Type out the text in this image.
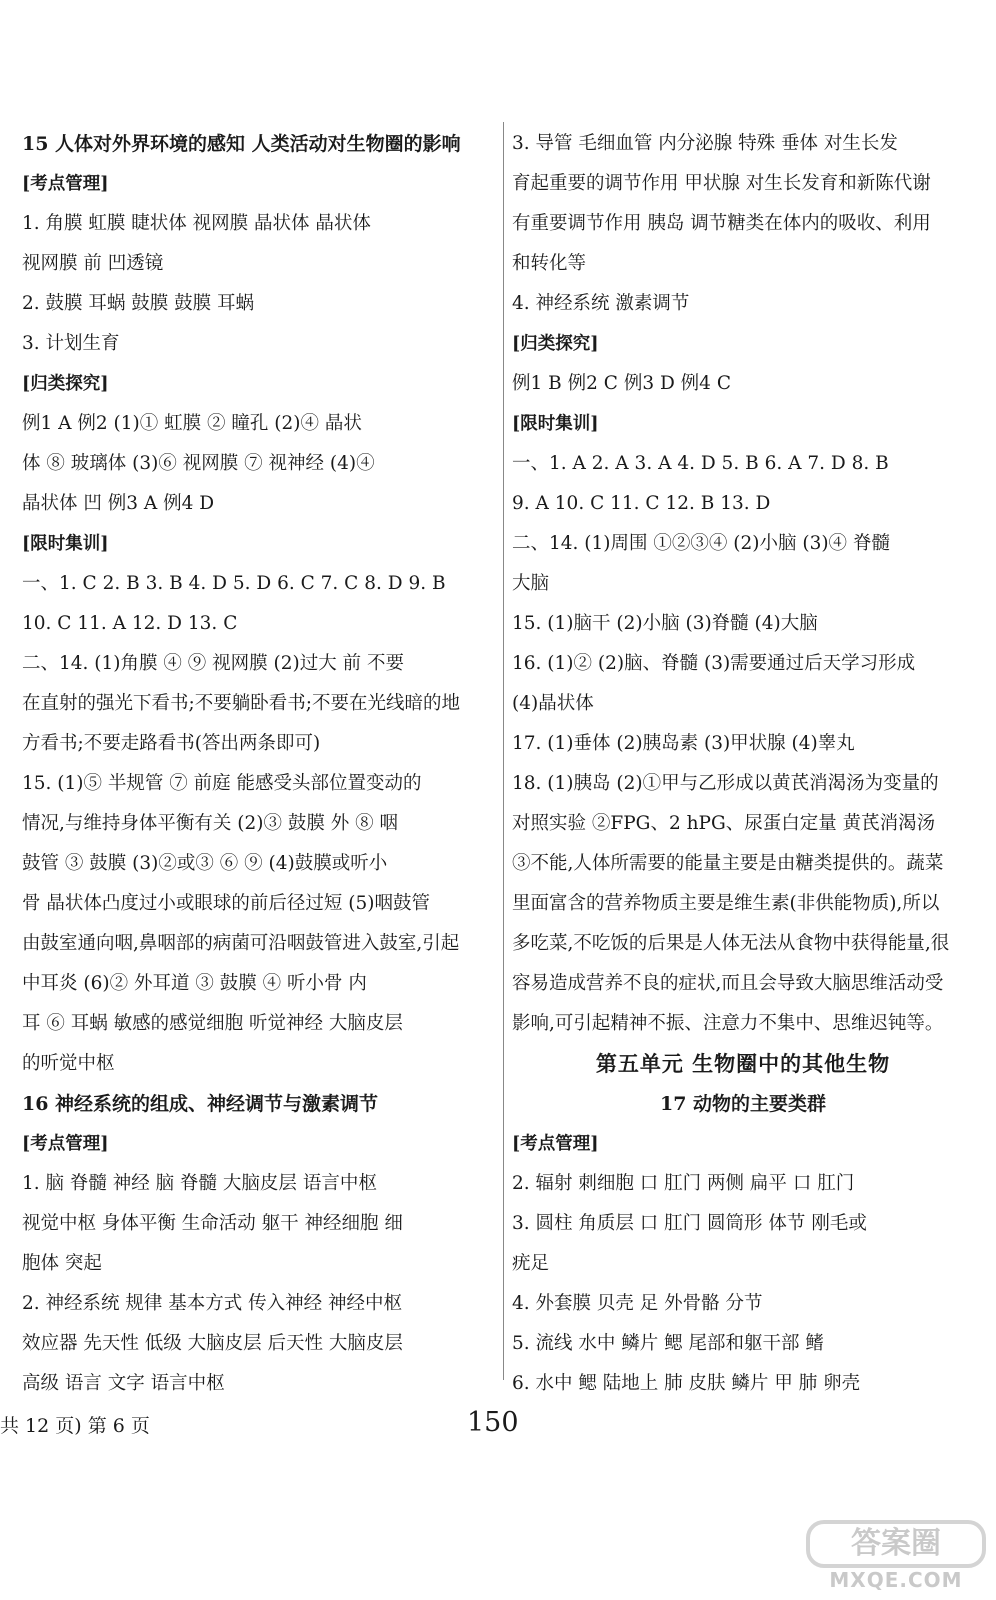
15 人体对外界环境的感知 人类活动对生物圈的影响
[考点管理]
1. 角膜 虹膜 睫状体 视网膜 晶状体 晶状体
视网膜 前 凹透镜
2. 鼓膜 耳蜗 鼓膜 鼓膜 耳蜗
3. 计划生育
[归类探究]
例1 A 例2 (1)① 虹膜 ② 瞳孔 (2)④ 晶状
体 ⑧ 玻璃体 (3)⑥ 视网膜 ⑦ 视神经 (4)④
晶状体 凹 例3 A 例4 D
[限时集训]
一、1. C 2. B 3. B 4. D 5. D 6. C 7. C 8. D 9. B
10. C 11. A 12. D 13. C
二、14. (1)角膜 ④ ⑨ 视网膜 (2)过大 前 不要
在直射的强光下看书;不要躺卧看书;不要在光线暗的地
方看书;不要走路看书(答出两条即可)
15. (1)⑤ 半规管 ⑦ 前庭 能感受头部位置变动的
情况,与维持身体平衡有关 (2)③ 鼓膜 外 ⑧ 咽
鼓管 ③ 鼓膜 (3)②或③ ⑥ ⑨ (4)鼓膜或听小
骨 晶状体凸度过小或眼球的前后径过短 (5)咽鼓管
由鼓室通向咽,鼻咽部的病菌可沿咽鼓管进入鼓室,引起
中耳炎 (6)② 外耳道 ③ 鼓膜 ④ 听小骨 内
耳 ⑥ 耳蜗 敏感的感觉细胞 听觉神经 大脑皮层
的听觉中枢
16 神经系统的组成、神经调节与激素调节
[考点管理]
1. 脑 脊髓 神经 脑 脊髓 大脑皮层 语言中枢
视觉中枢 身体平衡 生命活动 躯干 神经细胞 细
胞体 突起
2. 神经系统 规律 基本方式 传入神经 神经中枢
效应器 先天性 低级 大脑皮层 后天性 大脑皮层
高级 语言 文字 语言中枢
3. 导管 毛细血管 内分泌腺 特殊 垂体 对生长发
育起重要的调节作用 甲状腺 对生长发育和新陈代谢
有重要调节作用 胰岛 调节糖类在体内的吸收、利用
和转化等
4. 神经系统 激素调节
[归类探究]
例1 B 例2 C 例3 D 例4 C
[限时集训]
一、1. A 2. A 3. A 4. D 5. B 6. A 7. D 8. B
9. A 10. C 11. C 12. B 13. D
二、14. (1)周围 ①②③④ (2)小脑 (3)④ 脊髓
大脑
15. (1)脑干 (2)小脑 (3)脊髓 (4)大脑
16. (1)② (2)脑、脊髓 (3)需要通过后天学习形成
(4)晶状体
17. (1)垂体 (2)胰岛素 (3)甲状腺 (4)睾丸
18. (1)胰岛 (2)①甲与乙形成以黄芪消渴汤为变量的
对照实验 ②FPG、2 hPG、尿蛋白定量 黄芪消渴汤
③不能,人体所需要的能量主要是由糖类提供的。蔬菜
里面富含的营养物质主要是维生素(非供能物质),所以
多吃菜,不吃饭的后果是人体无法从食物中获得能量,很
容易造成营养不良的症状,而且会导致大脑思维活动受
影响,可引起精神不振、注意力不集中、思维迟钝等。
第五单元 生物圈中的其他生物
17 动物的主要类群
[考点管理]
2. 辐射 刺细胞 口 肛门 两侧 扁平 口 肛门
3. 圆柱 角质层 口 肛门 圆筒形 体节 刚毛或
疣足
4. 外套膜 贝壳 足 外骨骼 分节
5. 流线 水中 鳞片 鳃 尾部和躯干部 鳍
6. 水中 鳃 陆地上 肺 皮肤 鳞片 甲 肺 卵壳
共 12 页) 第 6 页	150
答案圈
MXQE.COM
